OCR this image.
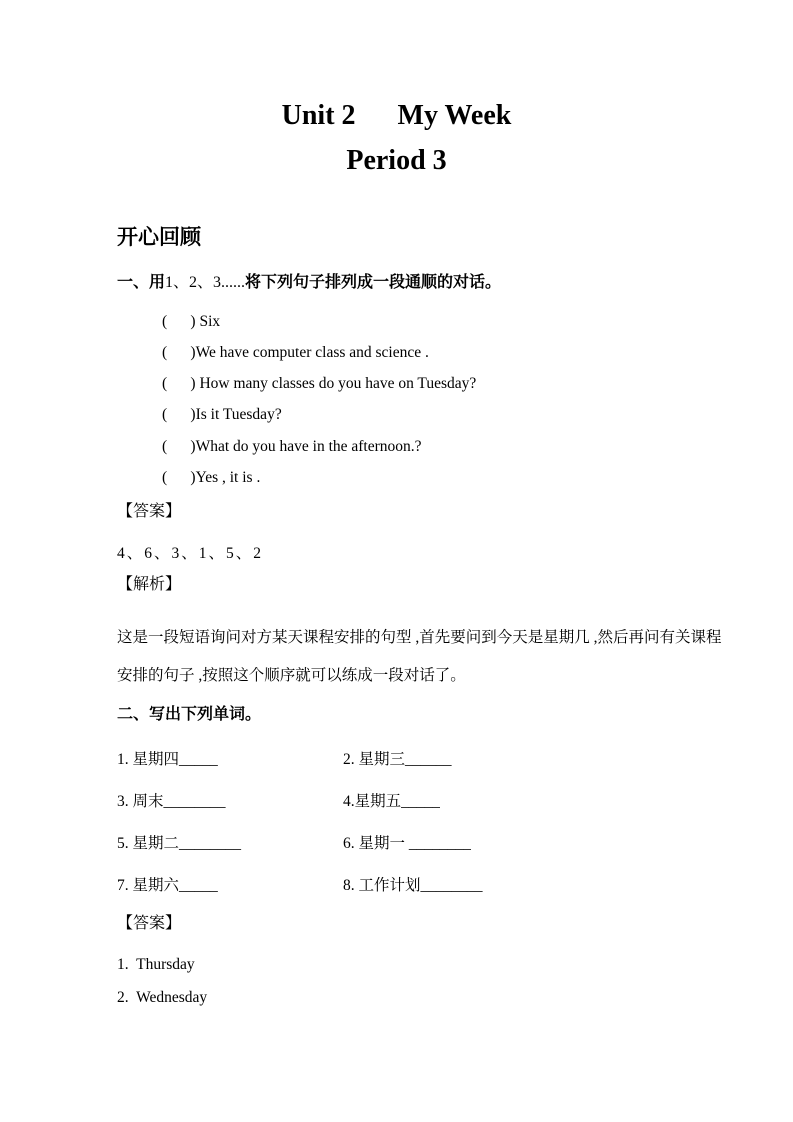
Unit 2      My Week
Period 3
开心回顾
一、用1、2、3......将下列句子排列成一段通顺的对话。
(      ) Six
(      )We have computer class and science .
(      ) How many classes do you have on Tuesday?
(      )Is it Tuesday?
(      )What do you have in the afternoon.?
(      )Yes , it is .
【答案】
4、6、3、1、5、2
【解析】
这是一段短语询问对方某天课程安排的句型 ,首先要问到今天是星期几 ,然后再问有关课程
安排的句子 ,按照这个顺序就可以练成一段对话了。
二、写出下列单词。
1. 星期四_____	2. 星期三______
3. 周末________	4.星期五_____
5. 星期二________	6. 星期一 ________
7. 星期六_____	8. 工作计划________
【答案】
1.  Thursday
2.  Wednesday
